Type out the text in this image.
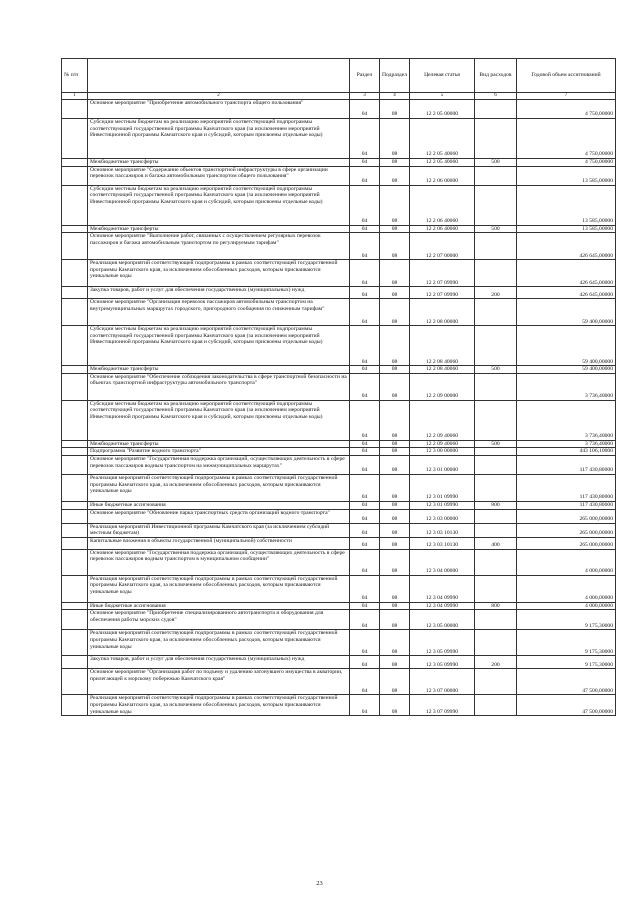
№ п/п		Раздел	Подраздел	Целевая статья	Вид расходов	Годовой объем ассигнований
1	2	3	4	5	6	7
	Основное мероприятие "Приобретение автомобильного транспорта общего пользования"	04	08	12 2 05 00000		4 750,00000
	Субсидии местным бюджетам на реализацию мероприятий соответствующей подпрограммы соответствующей государственной программы Камчатского края (за исключением мероприятий Инвестиционной программы Камчатского края и субсидий, которым присвоены отдельные коды)	04	08	12 2 05 40060		4 750,00000
	Межбюджетные трансферты	04	08	12 2 05 40060	500	4 750,00000
	Основное мероприятие "Содержание объектов транспортной инфраструктуры в сфере организации перевозок пассажиров и багажа автомобильным транспортом общего пользования"	04	08	12 2 06 00000		13 585,00000
	Субсидии местным бюджетам на реализацию мероприятий соответствующей подпрограммы соответствующей государственной программы Камчатского края (за исключением мероприятий Инвестиционной программы Камчатского края и субсидий, которым присвоены отдельные коды)	04	08	12 2 06 40060		13 585,00000
	Межбюджетные трансферты	04	08	12 2 06 40060	500	13 585,00000
	Основное мероприятие "Выполнение работ, связанных с осуществлением регулярных перевозок пассажиров и багажа автомобильным транспортом по регулируемым тарифам"	04	08	12 2 07 00000		426 645,00000
	Реализация мероприятий соответствующей подпрограммы в рамках соответствующей государственной программы Камчатского края, за исключением обособленных расходов, которым присваиваются уникальные коды	04	08	12 2 07 09990		426 645,00000
	Закупка товаров, работ и услуг для обеспечения государственных (муниципальных) нужд	04	08	12 2 07 09990	200	426 645,00000
	Основное мероприятие "Организация перевозок пассажиров автомобильным транспортом на внутримуниципальных маршрутах городского, пригородного сообщения по сниженным тарифам"	04	08	12 2 08 00000		59 400,00000
	Субсидии местным бюджетам на реализацию мероприятий соответствующей подпрограммы соответствующей государственной программы Камчатского края (за исключением мероприятий Инвестиционной программы Камчатского края и субсидий, которым присвоены отдельные коды)	04	08	12 2 08 40060		59 400,00000
	Межбюджетные трансферты	04	08	12 2 08 40060	500	59 400,00000
	Основное мероприятие "Обеспечение соблюдения законодательства в сфере транспортной безопасности на объектах транспортной инфраструктуры автомобильного транспорта"	04	08	12 2 09 00000		3 736,40000
	Субсидии местным бюджетам на реализацию мероприятий соответствующей подпрограммы соответствующей государственной программы Камчатского края (за исключением мероприятий Инвестиционной программы Камчатского края и субсидий, которым присвоены отдельные коды)	04	08	12 2 09 40060		3 736,40000
	Межбюджетные трансферты	04	08	12 2 09 40060	500	3 736,40000
	Подпрограмма "Развитие водного транспорта"	04	08	12 3 00 00000		443 106,10000
	Основное мероприятие "Государственная поддержка организаций, осуществляющих деятельность в сфере перевозок пассажиров водным транспортом на межмуниципальных маршрутах"	04	08	12 3 01 00000		117 430,80000
	Реализация мероприятий соответствующей подпрограммы в рамках соответствующей государственной программы Камчатского края, за исключением обособленных расходов, которым присваиваются уникальные коды	04	08	12 3 01 09990		117 430,80000
	Иные бюджетные ассигнования	04	08	12 3 01 09990	800	117 430,80000
	Основное мероприятие "Обновление парка транспортных средств организаций водного транспорта"	04	08	12 3 03 00000		265 000,00000
	Реализация мероприятий Инвестиционной программы Камчатского края (за исключением субсидий местным бюджетам)	04	08	12 3 03 10130		265 000,00000
	Капитальные вложения в объекты государственной (муниципальной) собственности	04	08	12 3 03 10130	400	265 000,00000
	Основное мероприятие "Государственная поддержка организаций, осуществляющих деятельность в сфере перевозок пассажиров водным транспортом в муниципальном сообщении"	04	08	12 3 04 00000		4 000,00000
	Реализация мероприятий соответствующей подпрограммы в рамках соответствующей государственной программы Камчатского края, за исключением обособленных расходов, которым присваиваются уникальные коды	04	08	12 3 04 09990		4 000,00000
	Иные бюджетные ассигнования	04	08	12 3 04 09990	800	4 000,00000
	Основное мероприятие "Приобретение специализированного автотранспорта и оборудования для обеспечения работы морских судов"	04	08	12 3 05 00000		9 175,30000
	Реализация мероприятий соответствующей подпрограммы в рамках соответствующей государственной программы Камчатского края, за исключением обособленных расходов, которым присваиваются уникальные коды	04	08	12 3 05 09990		9 175,30000
	Закупка товаров, работ и услуг для обеспечения государственных (муниципальных) нужд	04	08	12 3 05 09990	200	9 175,30000
	Основное мероприятие "Организация работ по подъему и удалению затонувшего имущества в акватории, прилегающей к морскому побережью Камчатского края"	04	08	12 3 07 00000		47 500,00000
	Реализация мероприятий соответствующей подпрограммы в рамках соответствующей государственной программы Камчатского края, за исключением обособленных расходов, которым присваиваются уникальные коды	04	08	12 3 07 09990		47 500,00000
23
